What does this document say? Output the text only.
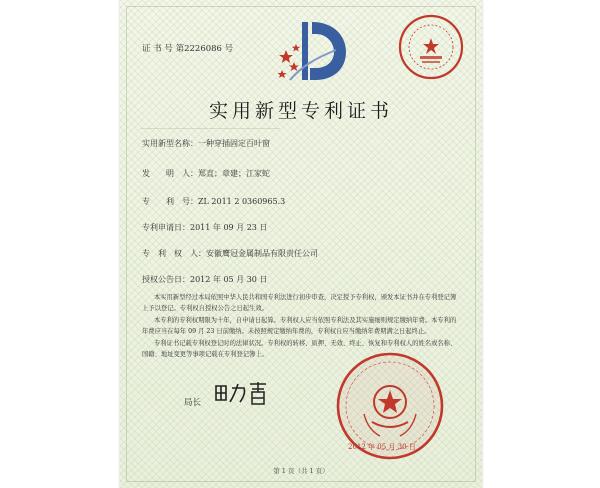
证 书 号 第2226086 号
实用新型专利证书
实用新型名称：一种穿插固定百叶窗
发　　明　人：郑直；章建；江家蛇
专　　利　号：ZL 2011 2 0360965.3
专利申请日：2011 年 09 月 23 日
专　利　权　人：安徽鹰冠金属制品有限责任公司
授权公告日：2012 年 05 月 30 日

本实用新型经过本局依照中华人民共和国专利法进行初步审查，决定授予专利权，颁发本证书并在专利登记簿上予以登记。专利权自授权公告之日起生效。

本专利的专利权期限为十年，自申请日起算。专利权人应当依照专利法及其实施细则规定缴纳年费。本专利的年费应当在每年 09 月 23 日前缴纳。未按照规定缴纳年费的，专利权自应当缴纳年费期满之日起终止。

专利证书记载专利权登记时的法律状况。专利权的转移、质押、无效、终止、恢复和专利权人的姓名或名称、国籍、地址变更等事项记载在专利登记簿上。

局长
2012 年 05 月 30 日
第 1 页（共 1 页）
